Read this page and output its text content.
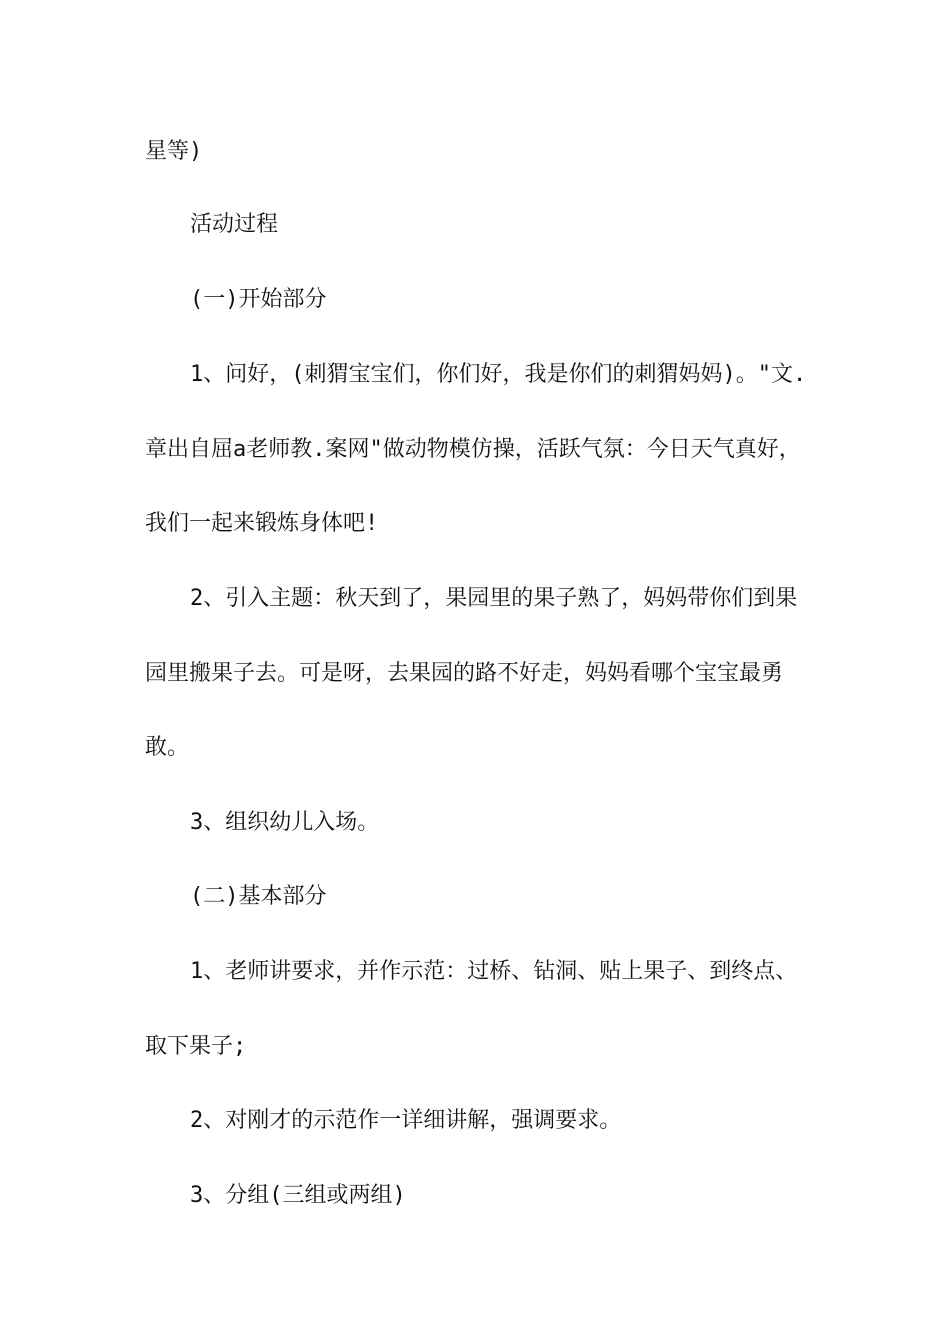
星等)
活动过程
(一)开始部分
1、问好，(刺猬宝宝们，你们好，我是你们的刺猬妈妈)。"文.
章出自屈a老师教.案网"做动物模仿操，活跃气氛：今日天气真好，
我们一起来锻炼身体吧!
2、引入主题：秋天到了，果园里的果子熟了，妈妈带你们到果
园里搬果子去。可是呀，去果园的路不好走，妈妈看哪个宝宝最勇
敢。
3、组织幼儿入场。
(二)基本部分
1、老师讲要求，并作示范：过桥、钻洞、贴上果子、到终点、
取下果子;
2、对刚才的示范作一详细讲解，强调要求。
3、分组(三组或两组)
